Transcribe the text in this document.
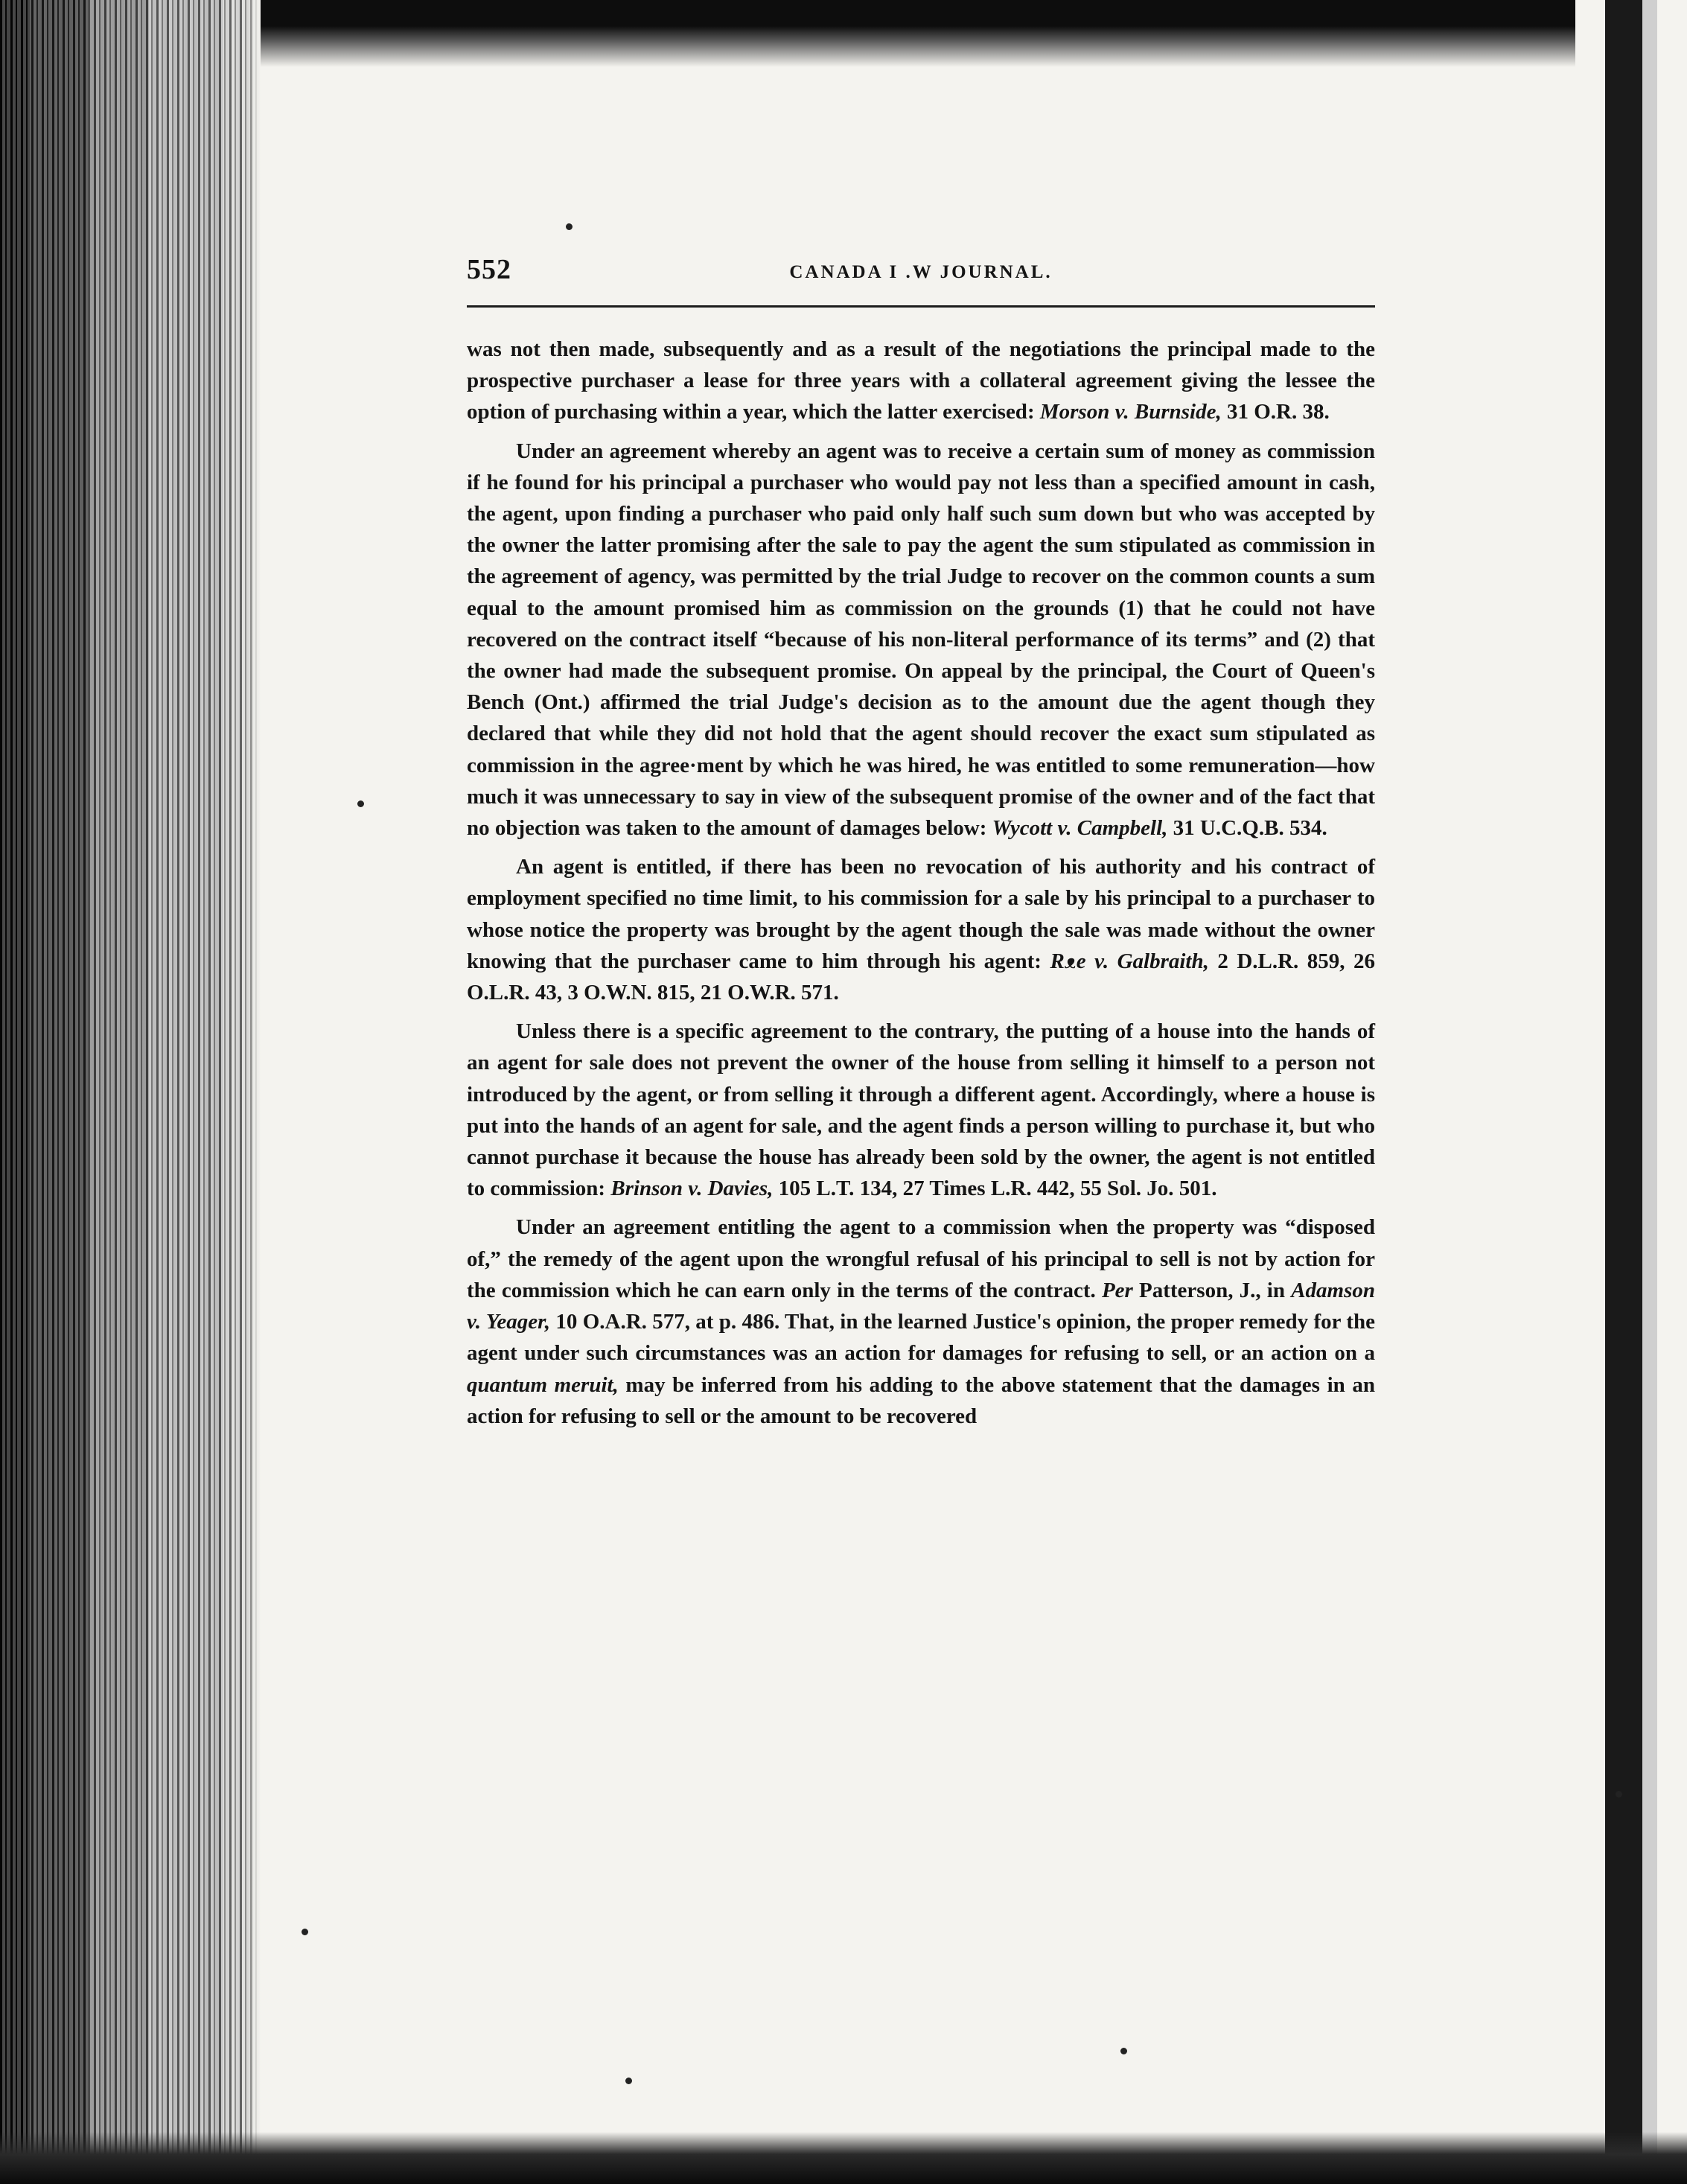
552	CANADA I .W JOURNAL.

was not then made, subsequently and as a result of the negotiations the principal made to the prospective purchaser a lease for three years with a collateral agreement giving the lessee the option of purchasing within a year, which the latter exercised: Morson v. Burnside, 31 O.R. 38.

Under an agreement whereby an agent was to receive a certain sum of money as commission if he found for his principal a purchaser who would pay not less than a specified amount in cash, the agent, upon finding a purchaser who paid only half such sum down but who was accepted by the owner the latter promising after the sale to pay the agent the sum stipulated as commission in the agreement of agency, was permitted by the trial Judge to recover on the common counts a sum equal to the amount promised him as commission on the grounds (1) that he could not have recovered on the contract itself “because of his non-literal performance of its terms” and (2) that the owner had made the subsequent promise. On appeal by the principal, the Court of Queen's Bench (Ont.) affirmed the trial Judge's decision as to the amount due the agent though they declared that while they did not hold that the agent should recover the exact sum stipulated as commission in the agree·ment by which he was hired, he was entitled to some remuneration—how much it was unnecessary to say in view of the subsequent promise of the owner and of the fact that no objection was taken to the amount of damages below: Wycott v. Campbell, 31 U.C.Q.B. 534.

An agent is entitled, if there has been no revocation of his authority and his contract of employment specified no time limit, to his commission for a sale by his principal to a purchaser to whose notice the property was brought by the agent though the sale was made without the owner knowing that the purchaser came to him through his agent: Rᴥe v. Galbraith, 2 D.L.R. 859, 26 O.L.R. 43, 3 O.W.N. 815, 21 O.W.R. 571.

Unless there is a specific agreement to the contrary, the putting of a house into the hands of an agent for sale does not prevent the owner of the house from selling it himself to a person not introduced by the agent, or from selling it through a different agent. Accordingly, where a house is put into the hands of an agent for sale, and the agent finds a person willing to purchase it, but who cannot purchase it because the house has already been sold by the owner, the agent is not entitled to commission: Brinson v. Davies, 105 L.T. 134, 27 Times L.R. 442, 55 Sol. Jo. 501.

Under an agreement entitling the agent to a commission when the property was “disposed of,” the remedy of the agent upon the wrongful refusal of his principal to sell is not by action for the commission which he can earn only in the terms of the contract. Per Patterson, J., in Adamson v. Yeager, 10 O.A.R. 577, at p. 486. That, in the learned Justice's opinion, the proper remedy for the agent under such circumstances was an action for damages for refusing to sell, or an action on a quantum meruit, may be inferred from his adding to the above statement that the damages in an action for refusing to sell or the amount to be recovered
